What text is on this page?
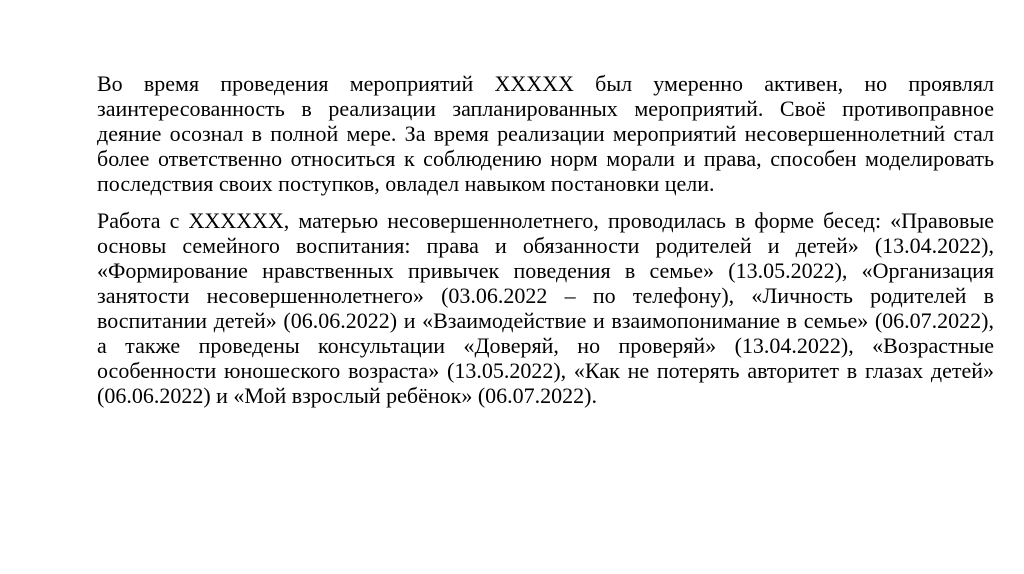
Во время проведения мероприятий XXXXX был умеренно активен, но проявлял заинтересованность в реализации запланированных мероприятий. Своё противоправное деяние осознал в полной мере. За время реализации мероприятий несовершеннолетний стал более ответственно относиться к соблюдению норм морали и права, способен моделировать последствия своих поступков, овладел навыком постановки цели.

Работа с XXXXXX, матерью несовершеннолетнего, проводилась в форме бесед: «Правовые основы семейного воспитания: права и обязанности родителей и детей» (13.04.2022), «Формирование нравственных привычек поведения в семье» (13.05.2022), «Организация занятости несовершеннолетнего» (03.06.2022 – по телефону), «Личность родителей в воспитании детей» (06.06.2022) и «Взаимодействие и взаимопонимание в семье» (06.07.2022), а также проведены консультации «Доверяй, но проверяй» (13.04.2022), «Возрастные особенности юношеского возраста» (13.05.2022), «Как не потерять авторитет в глазах детей» (06.06.2022) и «Мой взрослый ребёнок» (06.07.2022).
